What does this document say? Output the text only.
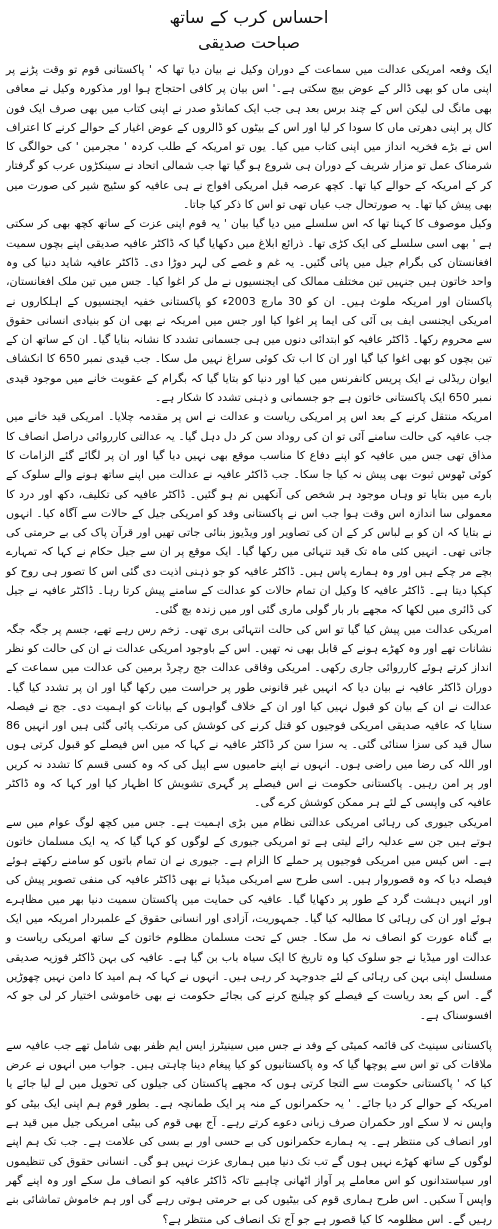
احساس کرب کے ساتھ
صباحت صدیقی

ایک وفعہ امریکی عدالت میں سماعت کے دوران وکیل نے بیان دیا تھا کہ ' پاکستانی قوم تو وقت پڑنے پر اپنی ماں کو بھی ڈالر کے عوض بیچ سکتی ہے۔' اس بیان پر کافی احتجاج ہوا اور مذکورہ وکیل نے معافی بھی مانگ لی لیکن اس کے چند برس بعد ہی جب ایک کمانڈو صدر نے اپنی کتاب میں بھی صرف ایک فون کال پر اپنی دھرتی ماں کا سودا کر لیا اور اس کے بیٹوں کو ڈالروں کے عوض اغیار کے حوالے کرنے کا اعتراف اس نے بڑے فخریہ انداز میں اپنی کتاب میں کیا۔ یوں تو امریکہ کے طلب کردہ ' مجرمین ' کی حوالگی کا شرمناک عمل تو مزار شریف کے دوران ہی شروع ہو گیا تھا جب شمالی اتحاد نے سینکڑوں عرب کو گرفتار کر کے امریکہ کے حوالے کیا تھا۔ کچھ عرصہ قبل امریکی افواج نے ہی عافیہ کو سٹیج شیر کی صورت میں بھی پیش کیا تھا۔ یہ صورتحال جب عیاں تھی تو اس کا ذکر کیا جاتا۔

وکیل موصوف کا کہنا تھا کہ اس سلسلے میں دیا گیا بیان ' یہ قوم اپنی عزت کے ساتھ کچھ بھی کر سکتی ہے ' بھی اسی سلسلے کی ایک کڑی تھا۔ ذرائع ابلاغ میں دکھایا گیا کہ ڈاکٹر عافیہ صدیقی اپنے بچوں سمیت افغانستان کی بگرام جیل میں پائی گئیں۔ یہ غم و غصے کی لہر دوڑا دی۔ ڈاکٹر عافیہ شاید دنیا کی وہ واحد خاتون ہیں جنہیں تین مختلف ممالک کی ایجنسیوں نے مل کر اغوا کیا۔ جس میں تین ملک افغانستان، پاکستان اور امریکہ ملوث ہیں۔ ان کو 30 مارچ 2003ء کو پاکستانی خفیہ ایجنسیوں کے اہلکاروں نے امریکی ایجنسی ایف بی آئی کی ایما پر اغوا کیا اور جس میں امریکہ نے بھی ان کو بنیادی انسانی حقوق سے محروم رکھا۔ ڈاکٹر عافیہ کو ابتدائی دنوں میں ہی جسمانی تشدد کا نشانہ بنایا گیا۔ ان کے ساتھ ان کے تین بچوں کو بھی اغوا کیا گیا اور ان کا اب تک کوئی سراغ نہیں مل سکا۔ جب قیدی نمبر 650 کا انکشاف ایوان ریڈلی نے ایک پریس کانفرنس میں کیا اور دنیا کو بتایا گیا کہ بگرام کے عقوبت خانے میں موجود قیدی نمبر 650 ایک پاکستانی خاتون ہے جو جسمانی و ذہنی تشدد کا شکار ہے۔

امریکہ منتقل کرنے کے بعد اس پر امریکی ریاست و عدالت نے اس پر مقدمہ چلایا۔ امریکی قید خانے میں جب عافیہ کی حالت سامنے آئی تو ان کی روداد سن کر دل دہل گیا۔ یہ عدالتی کارروائی دراصل انصاف کا مذاق تھی جس میں عافیہ کو اپنے دفاع کا مناسب موقع بھی نہیں دیا گیا اور ان پر لگائے گئے الزامات کا کوئی ٹھوس ثبوت بھی پیش نہ کیا جا سکا۔ جب ڈاکٹر عافیہ نے عدالت میں اپنے ساتھ ہونے والے سلوک کے بارے میں بتایا تو وہاں موجود ہر شخص کی آنکھیں نم ہو گئیں۔ ڈاکٹر عافیہ کی تکلیف، دکھ اور درد کا معمولی سا اندازہ اس وقت ہوا جب اس نے پاکستانی وفد کو امریکی جیل کے حالات سے آگاہ کیا۔ انہوں نے بتایا کہ ان کو بے لباس کر کے ان کی تصاویر اور ویڈیوز بنائی جاتی تھیں اور قرآن پاک کی بے حرمتی کی جاتی تھی۔ انہیں کئی ماہ تک قید تنہائی میں رکھا گیا۔ ایک موقع پر ان سے جیل حکام نے کہا کہ تمہارے بچے مر چکے ہیں اور وہ ہمارے پاس ہیں۔ ڈاکٹر عافیہ کو جو ذہنی اذیت دی گئی اس کا تصور ہی روح کو کپکپا دیتا ہے۔ ڈاکٹر عافیہ کا وکیل ان تمام حالات کو عدالت کے سامنے پیش کرتا رہا۔ ڈاکٹر عافیہ نے جیل کی ڈائری میں لکھا کہ مجھے بار بار گولی ماری گئی اور میں زندہ بچ گئی۔

امریکی عدالت میں پیش کیا گیا تو اس کی حالت انتہائی بری تھی۔ زخم رس رہے تھے، جسم پر جگہ جگہ نشانات تھے اور وہ کھڑے ہونے کے قابل بھی نہ تھیں۔ اس کے باوجود امریکی عدالت نے ان کی حالت کو نظر انداز کرتے ہوئے کارروائی جاری رکھی۔ امریکی وفاقی عدالت جج رچرڈ برمین کی عدالت میں سماعت کے دوران ڈاکٹر عافیہ نے بیان دیا کہ انہیں غیر قانونی طور پر حراست میں رکھا گیا اور ان پر تشدد کیا گیا۔ عدالت نے ان کے بیان کو قبول نہیں کیا اور ان کے خلاف گواہوں کے بیانات کو اہمیت دی۔ جج نے فیصلہ سنایا کہ عافیہ صدیقی امریکی فوجیوں کو قتل کرنے کی کوشش کی مرتکب پائی گئی ہیں اور انہیں 86 سال قید کی سزا سنائی گئی۔ یہ سزا سن کر ڈاکٹر عافیہ نے کہا کہ میں اس فیصلے کو قبول کرتی ہوں اور اللہ کی رضا میں راضی ہوں۔ انہوں نے اپنے حامیوں سے اپیل کی کہ وہ کسی قسم کا تشدد نہ کریں اور پر امن رہیں۔ پاکستانی حکومت نے اس فیصلے پر گہری تشویش کا اظہار کیا اور کہا کہ وہ ڈاکٹر عافیہ کی واپسی کے لئے ہر ممکن کوشش کرے گی۔

امریکی جیوری کی رہائی امریکی عدالتی نظام میں بڑی اہمیت ہے۔ جس میں کچھ لوگ عوام میں سے ہوتے ہیں جن سے عدلیہ رائے لیتی ہے تو امریکی جیوری کے لوگوں کو کہا گیا کہ یہ ایک مسلمان خاتون ہے۔ اس کیس میں امریکی فوجیوں پر حملے کا الزام ہے۔ جیوری نے ان تمام باتوں کو سامنے رکھتے ہوئے فیصلہ دیا کہ وہ قصوروار ہیں۔ اسی طرح سے امریکی میڈیا نے بھی ڈاکٹر عافیہ کی منفی تصویر پیش کی اور انہیں دہشت گرد کے طور پر دکھایا گیا۔ عافیہ کی حمایت میں پاکستان سمیت دنیا بھر میں مظاہرے ہوئے اور ان کی رہائی کا مطالبہ کیا گیا۔ جمہوریت، آزادی اور انسانی حقوق کے علمبردار امریکہ میں ایک بے گناہ عورت کو انصاف نہ مل سکا۔ جس کے تحت مسلمان مظلوم خاتون کے ساتھ امریکی ریاست و عدالت اور میڈیا نے جو سلوک کیا وہ تاریخ کا ایک سیاہ باب بن گیا ہے۔ عافیہ کی بہن ڈاکٹر فوزیہ صدیقی مسلسل اپنی بہن کی رہائی کے لئے جدوجہد کر رہی ہیں۔ انہوں نے کہا کہ ہم امید کا دامن نہیں چھوڑیں گے۔ اس کے بعد ریاست کے فیصلے کو چیلنج کرنے کی بجائے حکومت نے بھی خاموشی اختیار کر لی جو کہ افسوسناک ہے۔

پاکستانی سینیٹ کی قائمہ کمیٹی کے وفد نے جس میں سینیٹرز ایس ایم ظفر بھی شامل تھے جب عافیہ سے ملاقات کی تو اس سے پوچھا گیا کہ وہ پاکستانیوں کو کیا پیغام دینا چاہتی ہیں۔ جواب میں انہوں نے عرض کیا کہ ' پاکستانی حکومت سے التجا کرتی ہوں کہ مجھے پاکستان کی جیلوں کی تحویل میں لے لیا جائے یا امریکہ کے حوالے کر دیا جائے۔ ' یہ حکمرانوں کے منہ پر ایک طمانچہ ہے۔ بطور قوم ہم اپنی ایک بیٹی کو واپس نہ لا سکے اور حکمران صرف زبانی دعوے کرتے رہے۔ آج بھی قوم کی بیٹی امریکی جیل میں قید ہے اور انصاف کی منتظر ہے۔ یہ ہمارے حکمرانوں کی بے حسی اور بے بسی کی علامت ہے۔ جب تک ہم اپنے لوگوں کے ساتھ کھڑے نہیں ہوں گے تب تک دنیا میں ہماری عزت نہیں ہو گی۔ انسانی حقوق کی تنظیموں اور سیاستدانوں کو اس معاملے پر آواز اٹھانی چاہیے تاکہ ڈاکٹر عافیہ کو انصاف مل سکے اور وہ اپنے گھر واپس آ سکیں۔ اس طرح ہماری قوم کی بیٹیوں کی بے حرمتی ہوتی رہے گی اور ہم خاموش تماشائی بنے رہیں گے۔ اس مظلومہ کا کیا قصور ہے جو آج تک انصاف کی منتظر ہے؟
